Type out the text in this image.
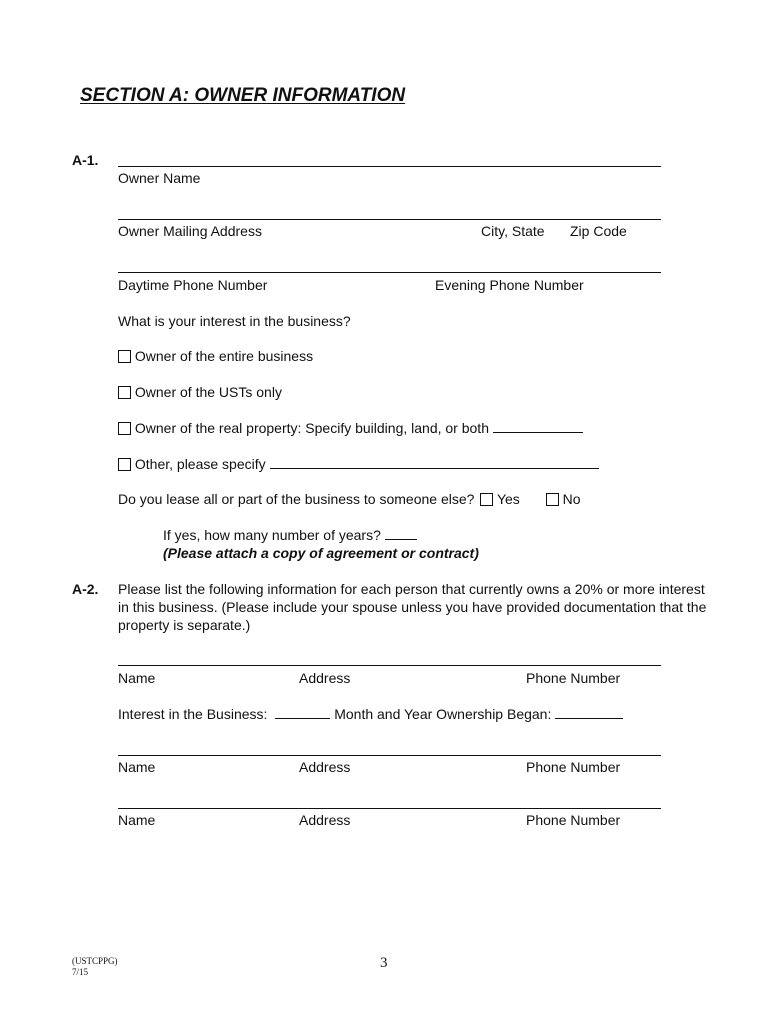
SECTION A: OWNER INFORMATION
A-1.
Owner Name
Owner Mailing Address	City, State Zip Code
Daytime Phone Number	Evening Phone Number
What is your interest in the business?
Owner of the entire business
Owner of the USTs only
Owner of the real property: Specify building, land, or both
Other, please specify
Do you lease all or part of the business to someone else? Yes	No
If yes, how many number of years?
(Please attach a copy of agreement or contract)
A-2. Please list the following information for each person that currently owns a 20% or more interest in this business. (Please include your spouse unless you have provided documentation that the property is separate.)
Name	Address	Phone Number
Interest in the Business:	Month and Year Ownership Began:
Name	Address	Phone Number
Name	Address	Phone Number
(USTCPPG)
7/15
3
